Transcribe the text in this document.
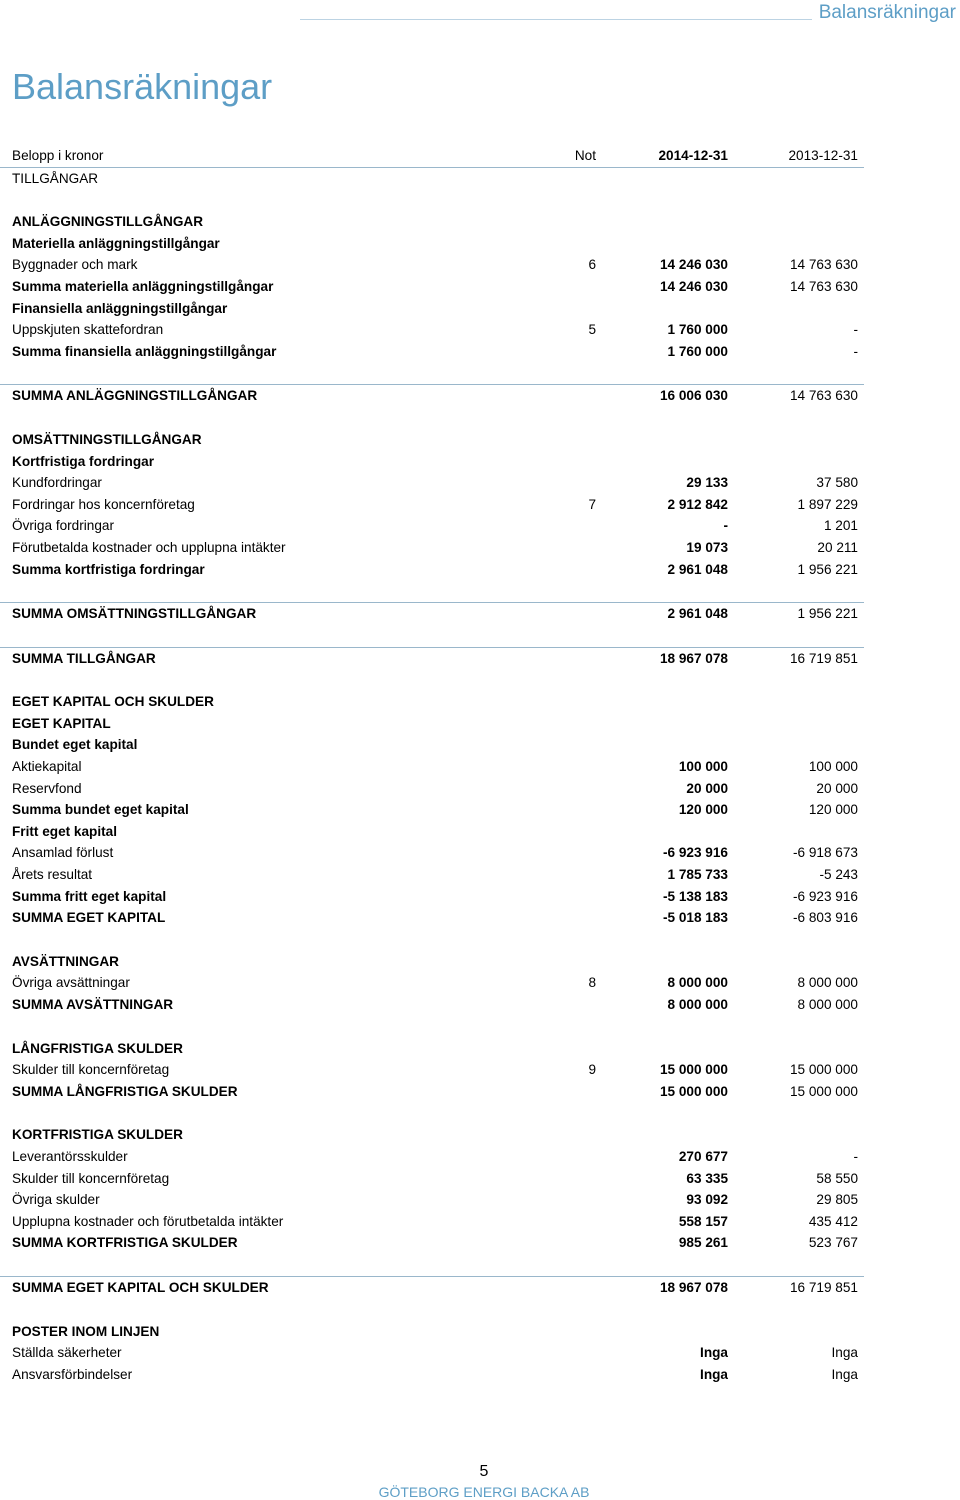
Balansräkningar
Balansräkningar
Belopp i kronor	Not	2014-12-31	2013-12-31
TILLGÅNGAR
ANLÄGGNINGSTILLGÅNGAR
Materiella anläggningstillgångar
Byggnader och mark	6	14 246 030	14 763 630
Summa materiella anläggningstillgångar	14 246 030	14 763 630
Finansiella anläggningstillgångar
Uppskjuten skattefordran	5	1 760 000	-
Summa finansiella anläggningstillgångar	1 760 000	-
SUMMA ANLÄGGNINGSTILLGÅNGAR	16 006 030	14 763 630
OMSÄTTNINGSTILLGÅNGAR
Kortfristiga fordringar
Kundfordringar	29 133	37 580
Fordringar hos koncernföretag	7	2 912 842	1 897 229
Övriga fordringar	-	1 201
Förutbetalda kostnader och upplupna intäkter	19 073	20 211
Summa kortfristiga fordringar	2 961 048	1 956 221
SUMMA OMSÄTTNINGSTILLGÅNGAR	2 961 048	1 956 221
SUMMA TILLGÅNGAR	18 967 078	16 719 851
EGET KAPITAL OCH SKULDER
EGET KAPITAL
Bundet eget kapital
Aktiekapital	100 000	100 000
Reservfond	20 000	20 000
Summa bundet eget kapital	120 000	120 000
Fritt eget kapital
Ansamlad förlust	-6 923 916	-6 918 673
Årets resultat	1 785 733	-5 243
Summa fritt eget kapital	-5 138 183	-6 923 916
SUMMA EGET KAPITAL	-5 018 183	-6 803 916
AVSÄTTNINGAR
Övriga avsättningar	8	8 000 000	8 000 000
SUMMA AVSÄTTNINGAR	8 000 000	8 000 000
LÅNGFRISTIGA SKULDER
Skulder till koncernföretag	9	15 000 000	15 000 000
SUMMA LÅNGFRISTIGA SKULDER	15 000 000	15 000 000
KORTFRISTIGA SKULDER
Leverantörsskulder	270 677	-
Skulder till koncernföretag	63 335	58 550
Övriga skulder	93 092	29 805
Upplupna kostnader och förutbetalda intäkter	558 157	435 412
SUMMA KORTFRISTIGA SKULDER	985 261	523 767
SUMMA EGET KAPITAL OCH SKULDER	18 967 078	16 719 851
POSTER INOM LINJEN
Ställda säkerheter	Inga	Inga
Ansvarsförbindelser	Inga	Inga
5
GÖTEBORG ENERGI BACKA AB
